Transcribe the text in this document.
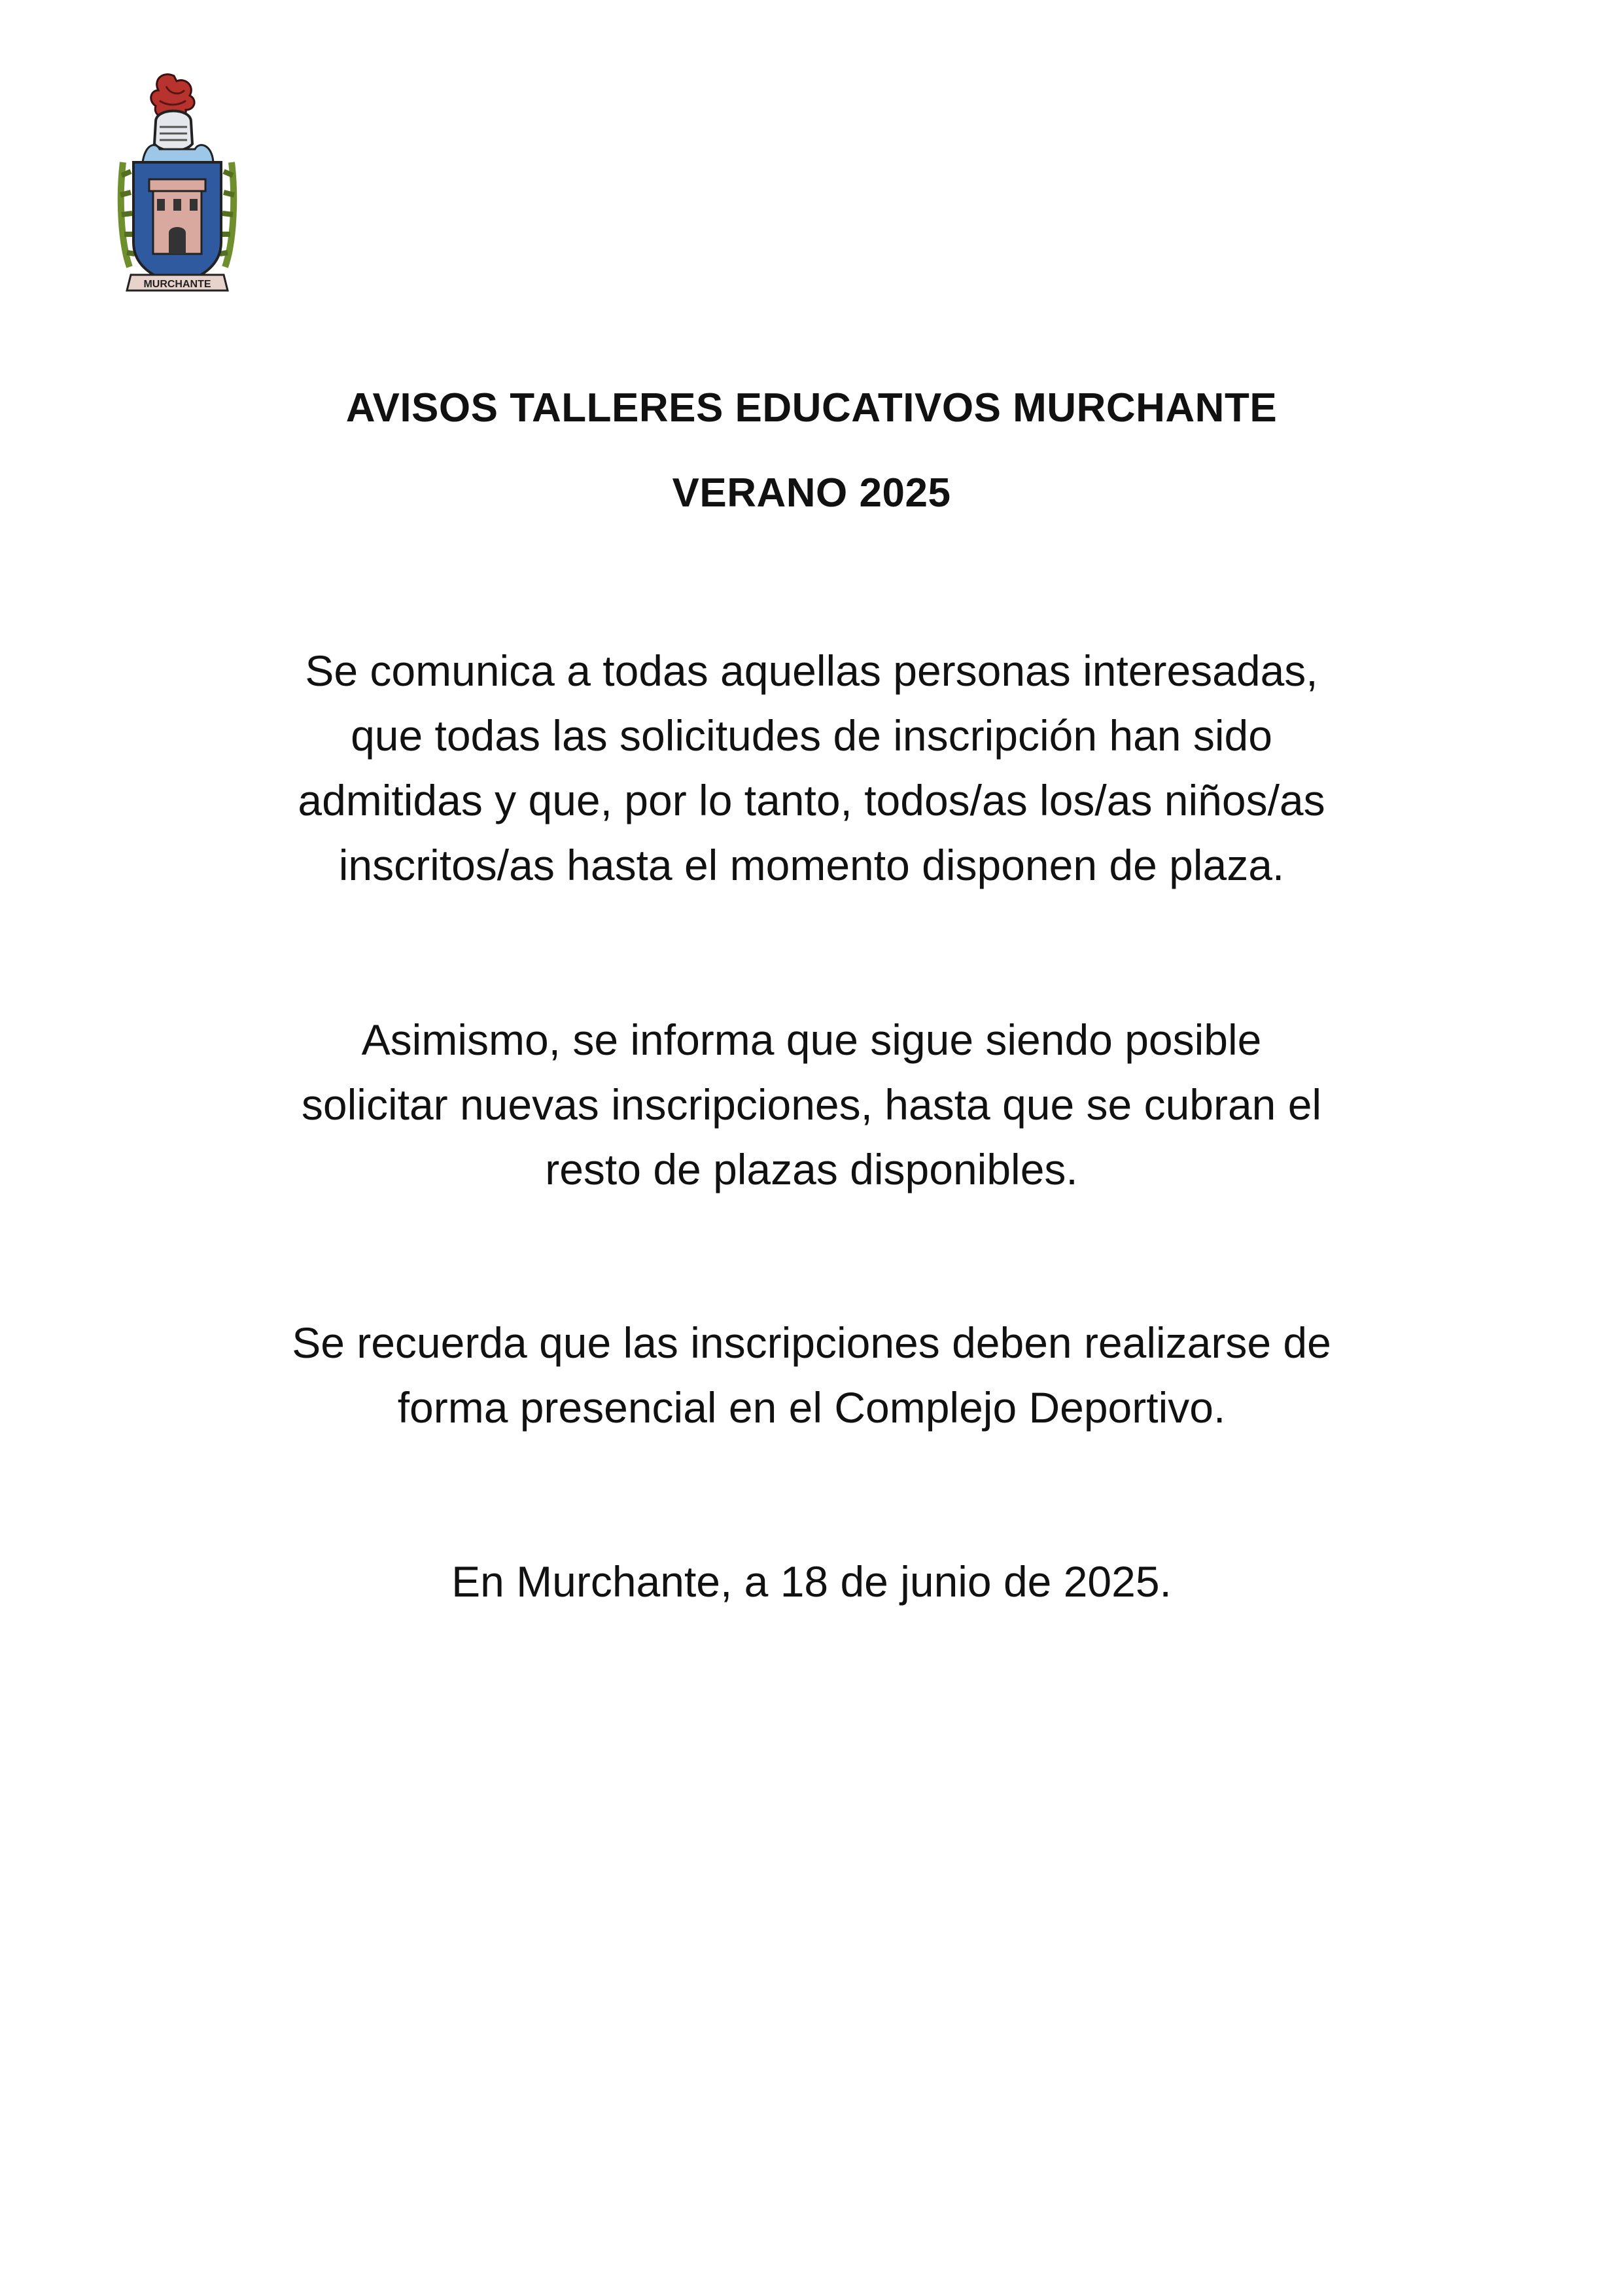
MURCHANTE
AVISOS TALLERES EDUCATIVOS MURCHANTE
VERANO 2025
Se comunica a todas aquellas personas interesadas,
que todas las solicitudes de inscripción han sido
admitidas y que, por lo tanto, todos/as los/as niños/as
inscritos/as hasta el momento disponen de plaza.
Asimismo, se informa que sigue siendo posible
solicitar nuevas inscripciones, hasta que se cubran el
resto de plazas disponibles.
Se recuerda que las inscripciones deben realizarse de
forma presencial en el Complejo Deportivo.
En Murchante, a 18 de junio de 2025.
